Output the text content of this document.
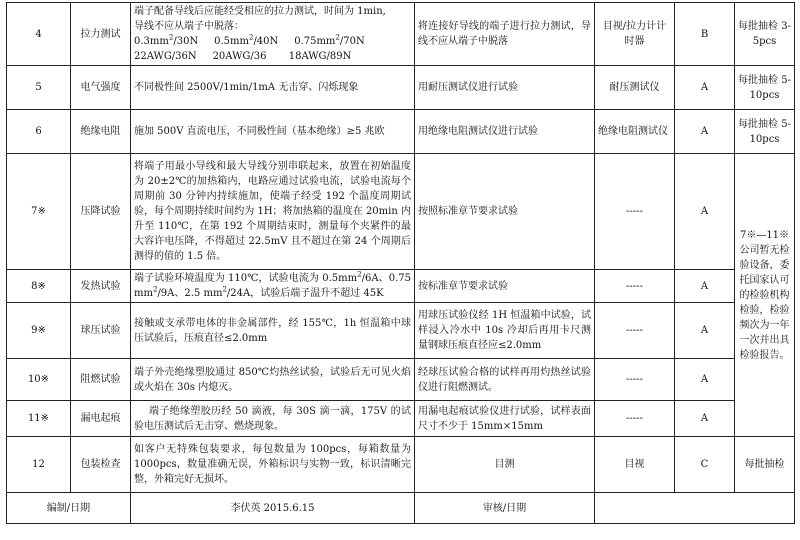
4	拉力测试	端子配备导线后应能经受相应的拉力测试，时间为 1min,
导线不应从端子中脱落：
$0.3mm^2/30N$ $0.5mm^2/40N$ $0.75mm^2/70N$
22AWG/36N 20AWG/36 18AWG/89N	将连接好导线的端子进行拉力测试，导线不应从端子中脱落	目视/拉力计计时器	B	每批抽检 3-5pcs
5	电气强度	不同极性间 2500V/1min/1mA 无击穿、闪烁现象	用耐压测试仪进行试验	耐压测试仪	A	每批抽检 5-10pcs
6	绝缘电阻	施加 500V 直流电压，不同极性间（基本绝缘）≥5 兆欧	用绝缘电阻测试仪进行试验	绝缘电阻测试仪	A	每批抽检 5-10pcs
7※	压降试验	将端子用最小导线和最大导线分别串联起来，放置在初始温度为 20±2℃的加热箱内，电路应通过试验电流，试验电流每个周期前 30 分钟内持续施加，使端子经受 192 个温度周期试验，每个周期持续时间约为 1H；将加热箱的温度在 20min 内升至 110℃，在第 192 个周期结束时，测量每个夹紧件的最大容许电压降，不得超过 22.5mV 且不超过在第 24 个周期后测得的值的 1.5 倍。	按照标准章节要求试验	-----	A	7※—11※公司暂无检验设备，委托国家认可的检验机构检验，检验频次为一年一次并出具检验报告。
8※	发热试验	端子试验环境温度为 110℃，试验电流为 $0.5mm^2/6A$、0.75 $mm^2/9A$、2.5 $mm^2/24A$，试验后端子温升不超过 45K	按标准章节要求试验	-----	A	
9※	球压试验	接触或支承带电体的非金属部件，经 155℃，1h 恒温箱中球压试验后，压痕直径≤2.0mm	用球压试验仪经 1H 恒温箱中试验，试样浸入冷水中 10s 冷却后再用卡尺测量钢球压痕直径应≤2.0mm	-----	A	
10※	阻燃试验	端子外壳绝缘塑胶通过 850℃灼热丝试验，试验后无可见火焰或火焰在 30s 内熄灭。	经球压试验合格的试样再用灼热丝试验仪进行阻燃测试。	-----	A	
11※	漏电起痕	端子绝缘塑胶历经 50 滴液，每 30S 滴一滴，175V 的试验电压测试后无击穿、燃烧现象。	用漏电起痕试验仪进行试验，试样表面尺寸不少于 15mm×15mm	-----	A	
12	包装检查	如客户无特殊包装要求，每包数量为 100pcs，每箱数量为 1000pcs，数量准确无误，外箱标识与实物一致，标识清晰完整，外箱完好无损坏。	目测	目视	C	每批抽检
编制/日期		李伏英 2015.6.15	审核/日期			
